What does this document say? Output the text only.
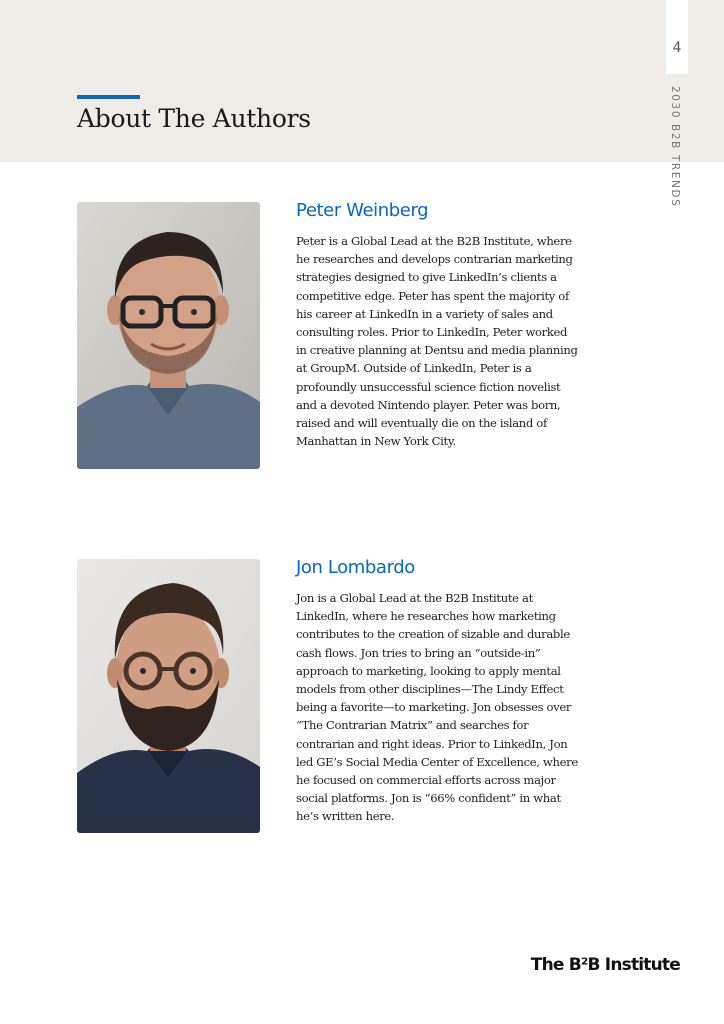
4
2030 B2B TRENDS
About The Authors
Peter Weinberg

Peter is a Global Lead at the B2B Institute, where he researches and develops contrarian marketing strategies designed to give LinkedIn’s clients a competitive edge. Peter has spent the majority of his career at LinkedIn in a variety of sales and consulting roles. Prior to LinkedIn, Peter worked in creative planning at Dentsu and media planning at GroupM. Outside of LinkedIn, Peter is a profoundly unsuccessful science fiction novelist and a devoted Nintendo player. Peter was born, raised and will eventually die on the island of Manhattan in New York City.

Jon Lombardo

Jon is a Global Lead at the B2B Institute at LinkedIn, where he researches how marketing contributes to the creation of sizable and durable cash flows. Jon tries to bring an “outside-in” approach to marketing, looking to apply mental models from other disciplines—The Lindy Effect being a favorite—to marketing. Jon obsesses over “The Contrarian Matrix” and searches for contrarian and right ideas. Prior to LinkedIn, Jon led GE’s Social Media Center of Excellence, where he focused on commercial efforts across major social platforms. Jon is “66% confident” in what he’s written here.

The B²B Institute
